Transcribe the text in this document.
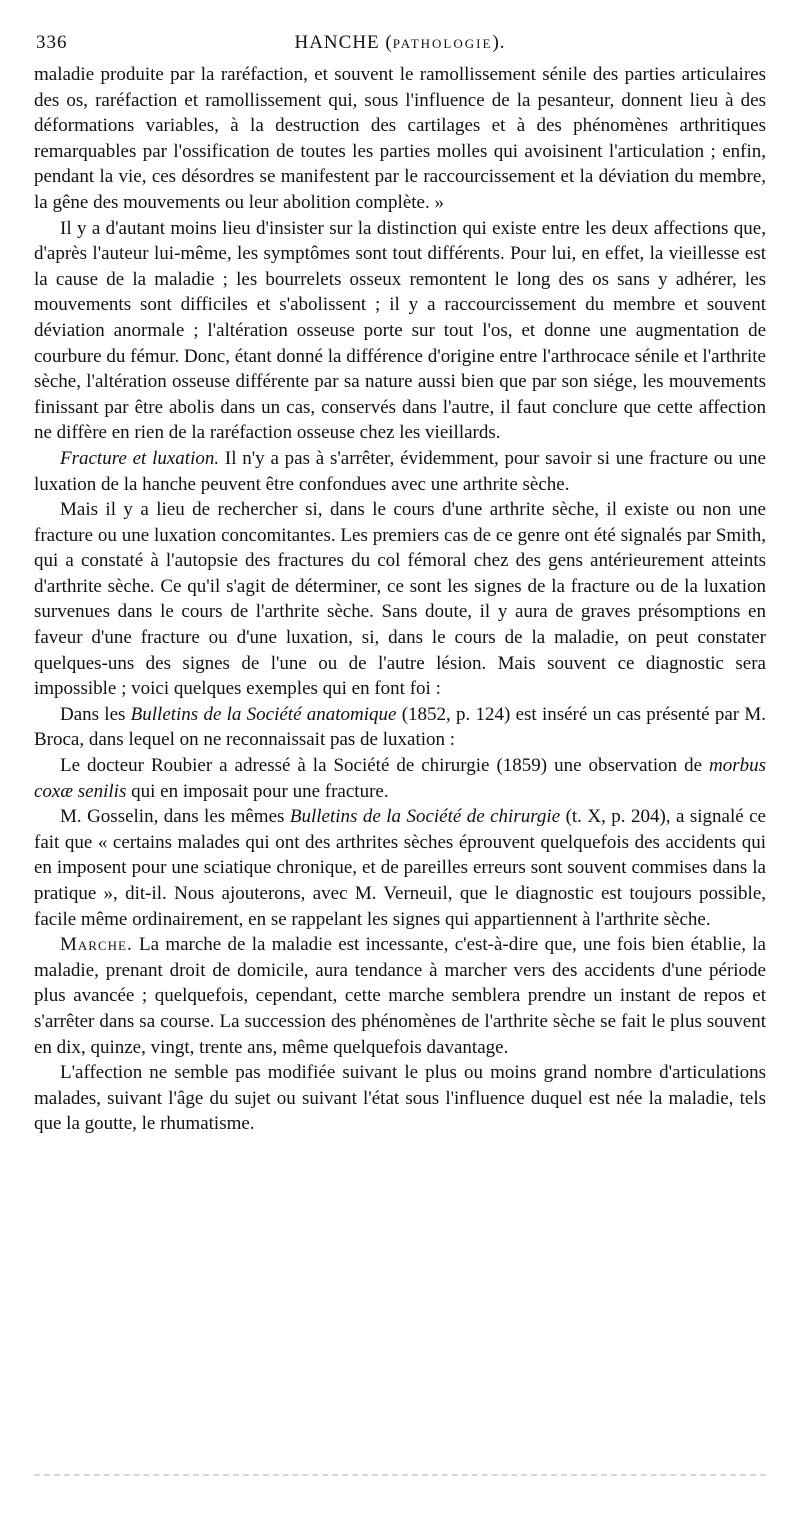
336	HANCHE (PATHOLOGIE).

maladie produite par la raréfaction, et souvent le ramollissement sénile des parties articulaires des os, raréfaction et ramollissement qui, sous l'influence de la pesanteur, donnent lieu à des déformations variables, à la destruction des cartilages et à des phénomènes arthritiques remarquables par l'ossification de toutes les parties molles qui avoisinent l'articulation ; enfin, pendant la vie, ces désordres se manifestent par le raccourcissement et la déviation du membre, la gêne des mouvements ou leur abolition complète. »

Il y a d'autant moins lieu d'insister sur la distinction qui existe entre les deux affections que, d'après l'auteur lui-même, les symptômes sont tout différents. Pour lui, en effet, la vieillesse est la cause de la maladie ; les bourrelets osseux remontent le long des os sans y adhérer, les mouvements sont difficiles et s'abolissent ; il y a raccourcissement du membre et souvent déviation anormale ; l'altération osseuse porte sur tout l'os, et donne une augmentation de courbure du fémur. Donc, étant donné la différence d'origine entre l'arthrocace sénile et l'arthrite sèche, l'altération osseuse différente par sa nature aussi bien que par son siége, les mouvements finissant par être abolis dans un cas, conservés dans l'autre, il faut conclure que cette affection ne diffère en rien de la raréfaction osseuse chez les vieillards.

Fracture et luxation. Il n'y a pas à s'arrêter, évidemment, pour savoir si une fracture ou une luxation de la hanche peuvent être confondues avec une arthrite sèche.

Mais il y a lieu de rechercher si, dans le cours d'une arthrite sèche, il existe ou non une fracture ou une luxation concomitantes. Les premiers cas de ce genre ont été signalés par Smith, qui a constaté à l'autopsie des fractures du col fémoral chez des gens antérieurement atteints d'arthrite sèche. Ce qu'il s'agit de déterminer, ce sont les signes de la fracture ou de la luxation survenues dans le cours de l'arthrite sèche. Sans doute, il y aura de graves présomptions en faveur d'une fracture ou d'une luxation, si, dans le cours de la maladie, on peut constater quelques-uns des signes de l'une ou de l'autre lésion. Mais souvent ce diagnostic sera impossible ; voici quelques exemples qui en font foi :

Dans les Bulletins de la Société anatomique (1852, p. 124) est inséré un cas présenté par M. Broca, dans lequel on ne reconnaissait pas de luxation :

Le docteur Roubier a adressé à la Société de chirurgie (1859) une observation de morbus coxæ senilis qui en imposait pour une fracture.

M. Gosselin, dans les mêmes Bulletins de la Société de chirurgie (t. X, p. 204), a signalé ce fait que « certains malades qui ont des arthrites sèches éprouvent quelquefois des accidents qui en imposent pour une sciatique chronique, et de pareilles erreurs sont souvent commises dans la pratique », dit-il. Nous ajouterons, avec M. Verneuil, que le diagnostic est toujours possible, facile même ordinairement, en se rappelant les signes qui appartiennent à l'arthrite sèche.

Marche. La marche de la maladie est incessante, c'est-à-dire que, une fois bien établie, la maladie, prenant droit de domicile, aura tendance à marcher vers des accidents d'une période plus avancée ; quelquefois, cependant, cette marche semblera prendre un instant de repos et s'arrêter dans sa course. La succession des phénomènes de l'arthrite sèche se fait le plus souvent en dix, quinze, vingt, trente ans, même quelquefois davantage.

L'affection ne semble pas modifiée suivant le plus ou moins grand nombre d'articulations malades, suivant l'âge du sujet ou suivant l'état sous l'influence duquel est née la maladie, tels que la goutte, le rhumatisme.
